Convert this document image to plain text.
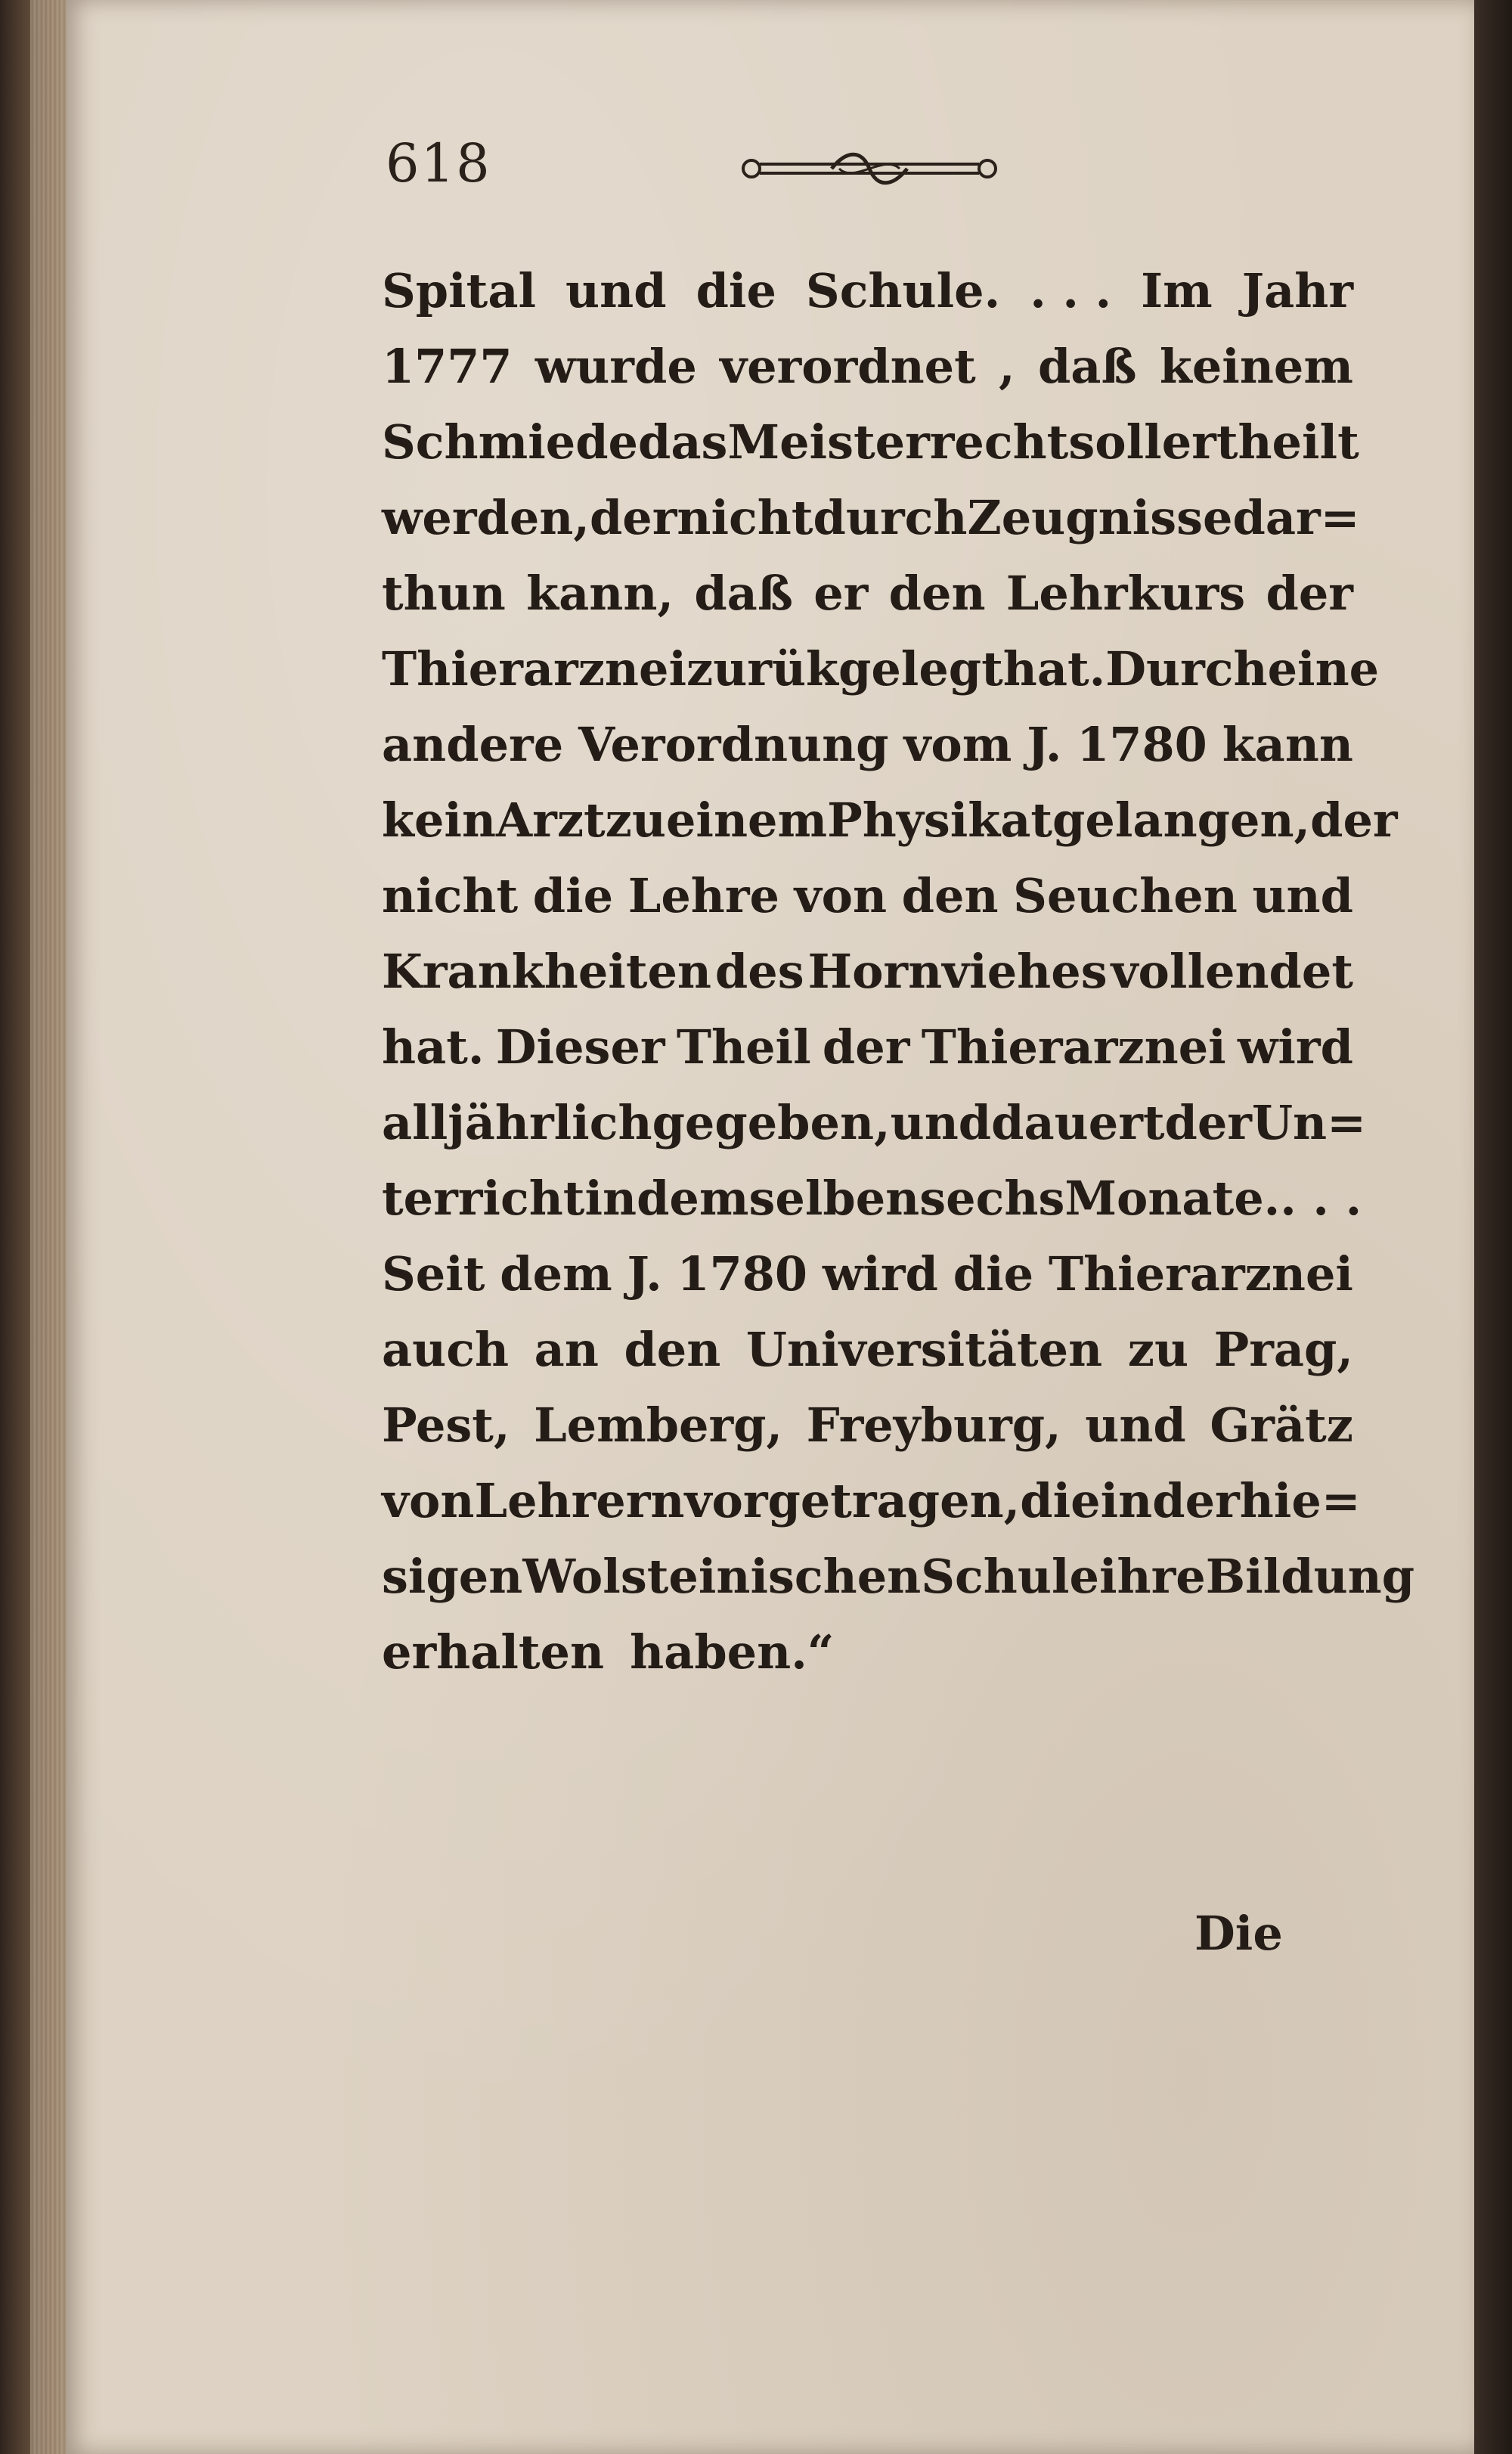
618
Spital und die Schule. . . . Im Jahr
1777 wurde verordnet , daß keinem
Schmiede das Meisterrecht soll ertheilt
werden, der nicht durch Zeugnisse dar=
thun kann, daß er den Lehrkurs der
Thierarznei zurükgelegt hat. Durch eine
andere Verordnung vom J. 1780 kann
kein Arzt zu einem Physikat gelangen, der
nicht die Lehre von den Seuchen und
Krankheiten des Hornviehes vollendet
hat. Dieser Theil der Thierarznei wird
alljährlich gegeben, und dauert der Un=
terricht in demselben sechs Monate. . . .
Seit dem J. 1780 wird die Thierarznei
auch an den Universitäten zu Prag,
Pest, Lemberg, Freyburg, und Grätz
von Lehrern vorgetragen, die in der hie=
sigen Wolsteinischen Schule ihre Bildung
erhalten haben.“
Die
